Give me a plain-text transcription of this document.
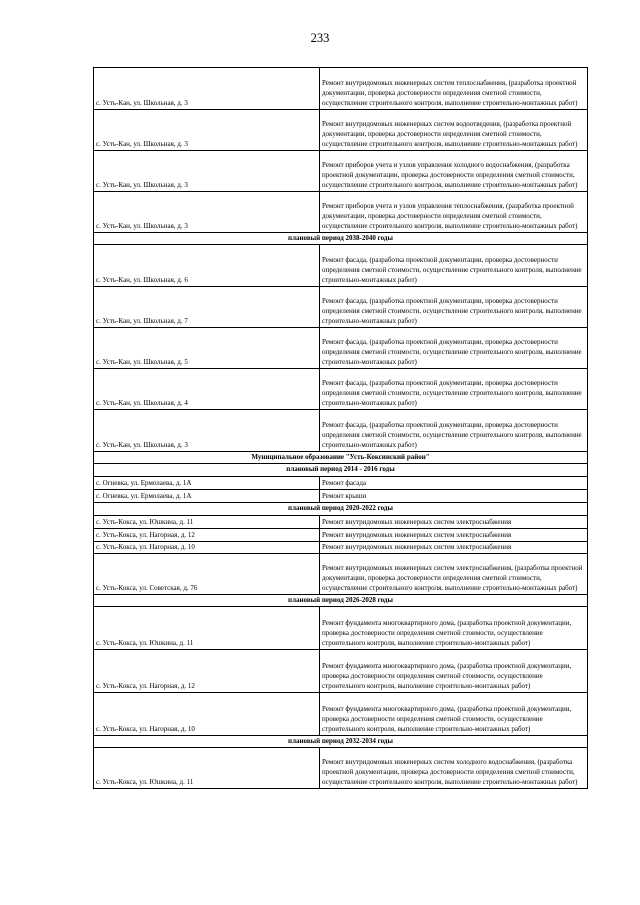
233
с. Усть-Кан, ул. Школьная, д. 3	Ремонт внутридомовых инженерных систем теплоснабжения, (разработка проектной документации, проверка достоверности определения сметной стоимости, осуществление строительного контроля, выполнение строительно-монтажных работ)
с. Усть-Кан, ул. Школьная, д. 3	Ремонт внутридомовых инженерных систем водоотведения, (разработка проектной документации, проверка достоверности определения сметной стоимости, осуществление строительного контроля, выполнение строительно-монтажных работ)
с. Усть-Кан, ул. Школьная, д. 3	Ремонт приборов учета и узлов управления холодного водоснабжения, (разработка проектной документации, проверка достоверности определения сметной стоимости, осуществление строительного контроля, выполнение строительно-монтажных работ)
с. Усть-Кан, ул. Школьная, д. 3	Ремонт приборов учета и узлов управления теплоснабжения, (разработка проектной документации, проверка достоверности определения сметной стоимости, осуществление строительного контроля, выполнение строительно-монтажных работ)
плановый период 2038-2040 годы	
с. Усть-Кан, ул. Школьная, д. 6	Ремонт фасада, (разработка проектной документации, проверка достоверности определения сметной стоимости, осуществление строительного контроля, выполнение строительно-монтажных работ)
с. Усть-Кан, ул. Школьная, д. 7	Ремонт фасада, (разработка проектной документации, проверка достоверности определения сметной стоимости, осуществление строительного контроля, выполнение строительно-монтажных работ)
с. Усть-Кан, ул. Школьная, д. 5	Ремонт фасада, (разработка проектной документации, проверка достоверности определения сметной стоимости, осуществление строительного контроля, выполнение строительно-монтажных работ)
с. Усть-Кан, ул. Школьная, д. 4	Ремонт фасада, (разработка проектной документации, проверка достоверности определения сметной стоимости, осуществление строительного контроля, выполнение строительно-монтажных работ)
с. Усть-Кан, ул. Школьная, д. 3	Ремонт фасада, (разработка проектной документации, проверка достоверности определения сметной стоимости, осуществление строительного контроля, выполнение строительно-монтажных работ)
Муниципальное образование "Усть-Коксинский район"	
плановый период 2014 - 2016 годы	
с. Огневка, ул. Ермолаева, д. 1А	Ремонт фасада
с. Огневка, ул. Ермолаева, д. 1А	Ремонт крыши
плановый период 2020-2022 годы	
с. Усть-Кокса, ул. Юшкина, д. 11	Ремонт внутридомовых инженерных систем электроснабжения
с. Усть-Кокса, ул. Нагорная, д. 12	Ремонт внутридомовых инженерных систем электроснабжения
с. Усть-Кокса, ул. Нагорная, д. 10	Ремонт внутридомовых инженерных систем электроснабжения
с. Усть-Кокса, ул. Советская, д. 76	Ремонт внутридомовых инженерных систем электроснабжения, (разработка проектной документации, проверка достоверности определения сметной стоимости, осуществление строительного контроля, выполнение строительно-монтажных работ)
плановый период 2026-2028 годы	
с. Усть-Кокса, ул. Юшкина, д. 11	Ремонт фундамента многоквартирного дома, (разработка проектной документации, проверка достоверности определения сметной стоимости, осуществление строительного контроля, выполнение строительно-монтажных работ)
с. Усть-Кокса, ул. Нагорная, д. 12	Ремонт фундамента многоквартирного дома, (разработка проектной документации, проверка достоверности определения сметной стоимости, осуществление строительного контроля, выполнение строительно-монтажных работ)
с. Усть-Кокса, ул. Нагорная, д. 10	Ремонт фундамента многоквартирного дома, (разработка проектной документации, проверка достоверности определения сметной стоимости, осуществление строительного контроля, выполнение строительно-монтажных работ)
плановый период 2032-2034 годы	
с. Усть-Кокса, ул. Юшкина, д. 11	Ремонт внутридомовых инженерных систем холодного водоснабжения, (разработка проектной документации, проверка достоверности определения сметной стоимости, осуществление строительного контроля, выполнение строительно-монтажных работ)
